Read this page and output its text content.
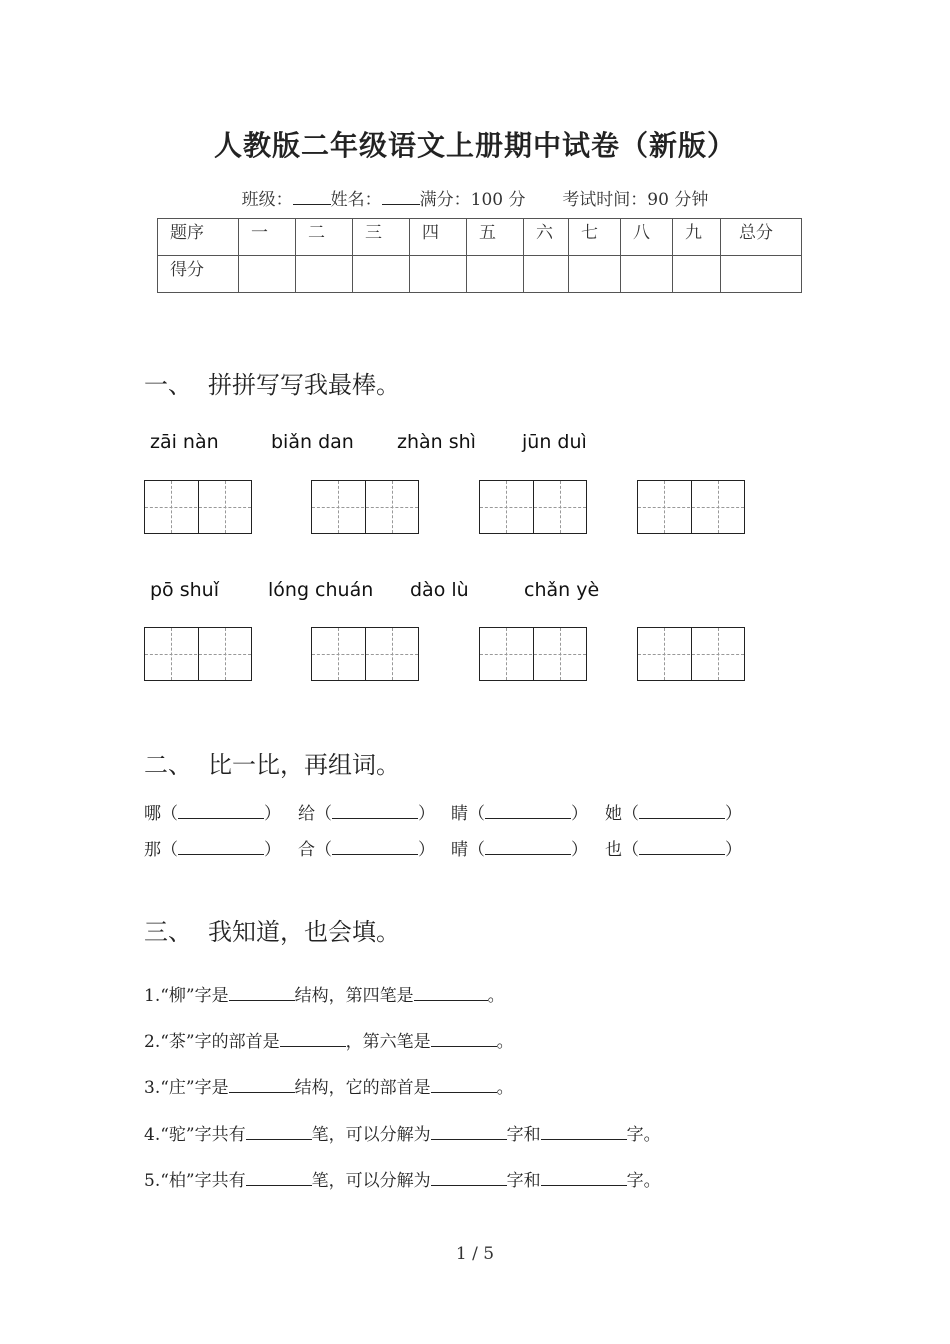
人教版二年级语文上册期中试卷（新版）
班级： 姓名： 满分：100 分 考试时间：90 分钟
题序	一	二	三	四	五	六	七	八	九	总分
得分										
一、 拼拼写写我最棒。
zāi nàn	biǎn dan zhàn shì jūn duì
pō shuǐ	lóng chuán dào lù	chǎn yè
二、 比一比，再组词。
哪（	） 给（	） 睛（	） 她（	）
那（	） 合（	） 晴（	） 也（	）
三、 我知道，也会填。
1.“柳”字是	结构，第四笔是	。
2.“茶”字的部首是	，第六笔是	。
3.“庄”字是	结构，它的部首是	。
4.“驼”字共有	笔，可以分解为	字和	字。
5.“柏”字共有	笔，可以分解为	字和	字。
1 / 5
